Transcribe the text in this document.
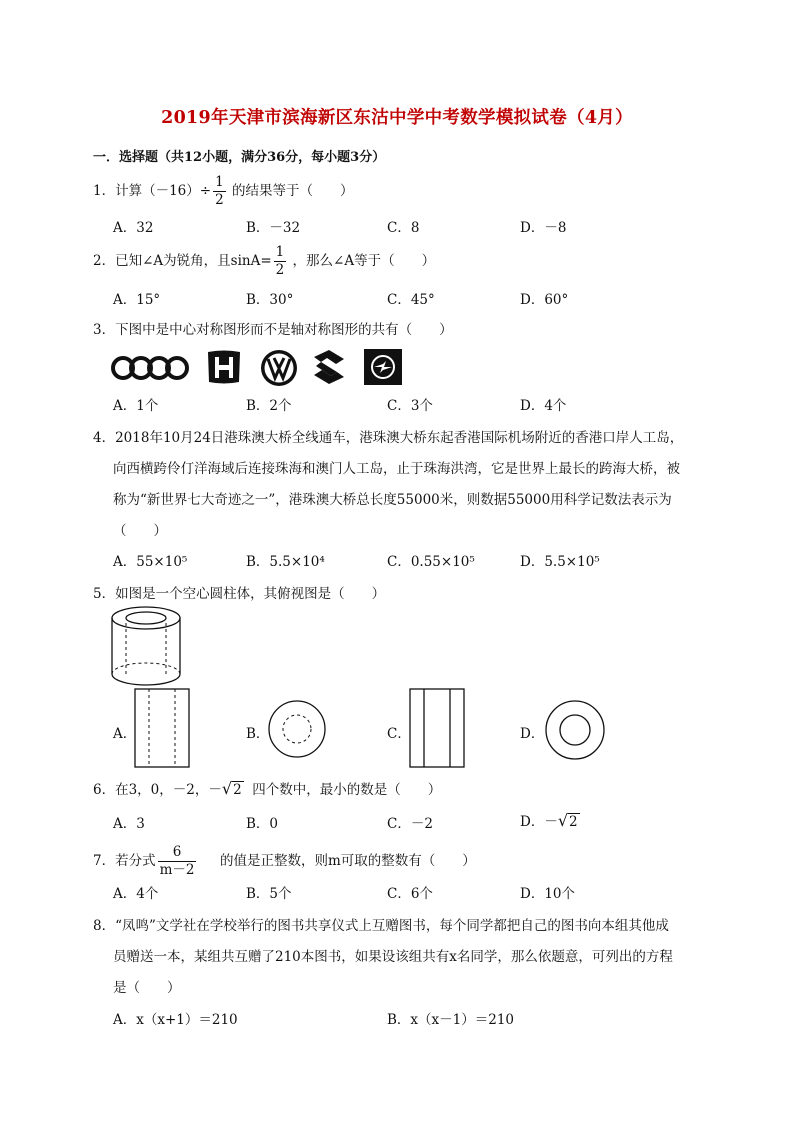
2019年天津市滨海新区东沽中学中考数学模拟试卷（4月）
一．选择题（共12小题，满分36分，每小题3分）
1．计算$(-16)\div \frac{1}{2}$ 的结果等于（　　）
A．32	B．－32	C．8	D．－8
2．已知∠A为锐角，且$\sin A= \frac{1}{2}$ ，那么∠A等于（　　）
A．15°	B．30°	C．45°	D．60°
3．下图中是中心对称图形而不是轴对称图形的共有（　　）
A．1个	B．2个	C．3个	D．4个
4．2018年10月24日港珠澳大桥全线通车，港珠澳大桥东起香港国际机场附近的香港口岸人工岛，
向西横跨伶仃洋海域后连接珠海和澳门人工岛，止于珠海洪湾，它是世界上最长的跨海大桥，被
称为“新世界七大奇迹之一”，港珠澳大桥总长度55000米，则数据55000用科学记数法表示为
（　　）
A．55×10⁵	B．5.5×10⁴	C．0.55×10⁵	D．5.5×10⁵
5．如图是一个空心圆柱体，其俯视图是（　　）
A．	B．	C．	D．
6．在3，0，－2，－√2 四个数中，最小的数是（　　）
A．3	B．0	C．－2	D．－√2
7．若分式 $\frac{6}{m-2}$ 的值是正整数，则m可取的整数有（　　）
A．4个	B．5个	C．6个	D．10个
8．“凤鸣”文学社在学校举行的图书共享仪式上互赠图书，每个同学都把自己的图书向本组其他成
员赠送一本，某组共互赠了210本图书，如果设该组共有x名同学，那么依题意，可列出的方程
是（　　）
A．x（x+1）＝210	B．x（x－1）＝210
